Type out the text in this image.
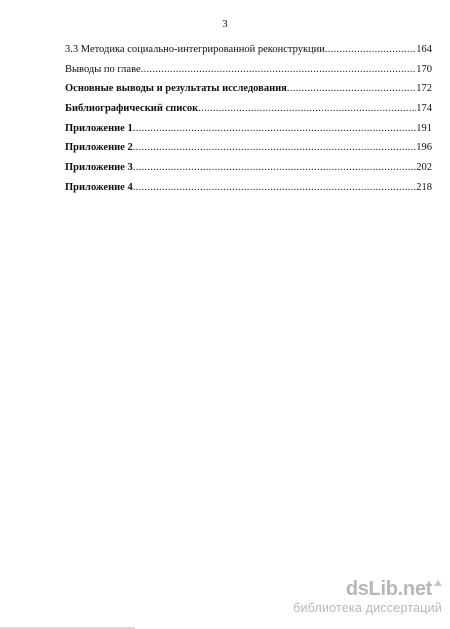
3
3.3 Методика социально-интегрированной реконструкции .....	164
Выводы по главе .....	170
Основные выводы и результаты исследования .....	172
Библиографический список .....	174
Приложение 1 .....	191
Приложение 2 .....	196
Приложение 3 .....	202
Приложение 4 .....	218
dsLib.net
библиотека диссертаций
